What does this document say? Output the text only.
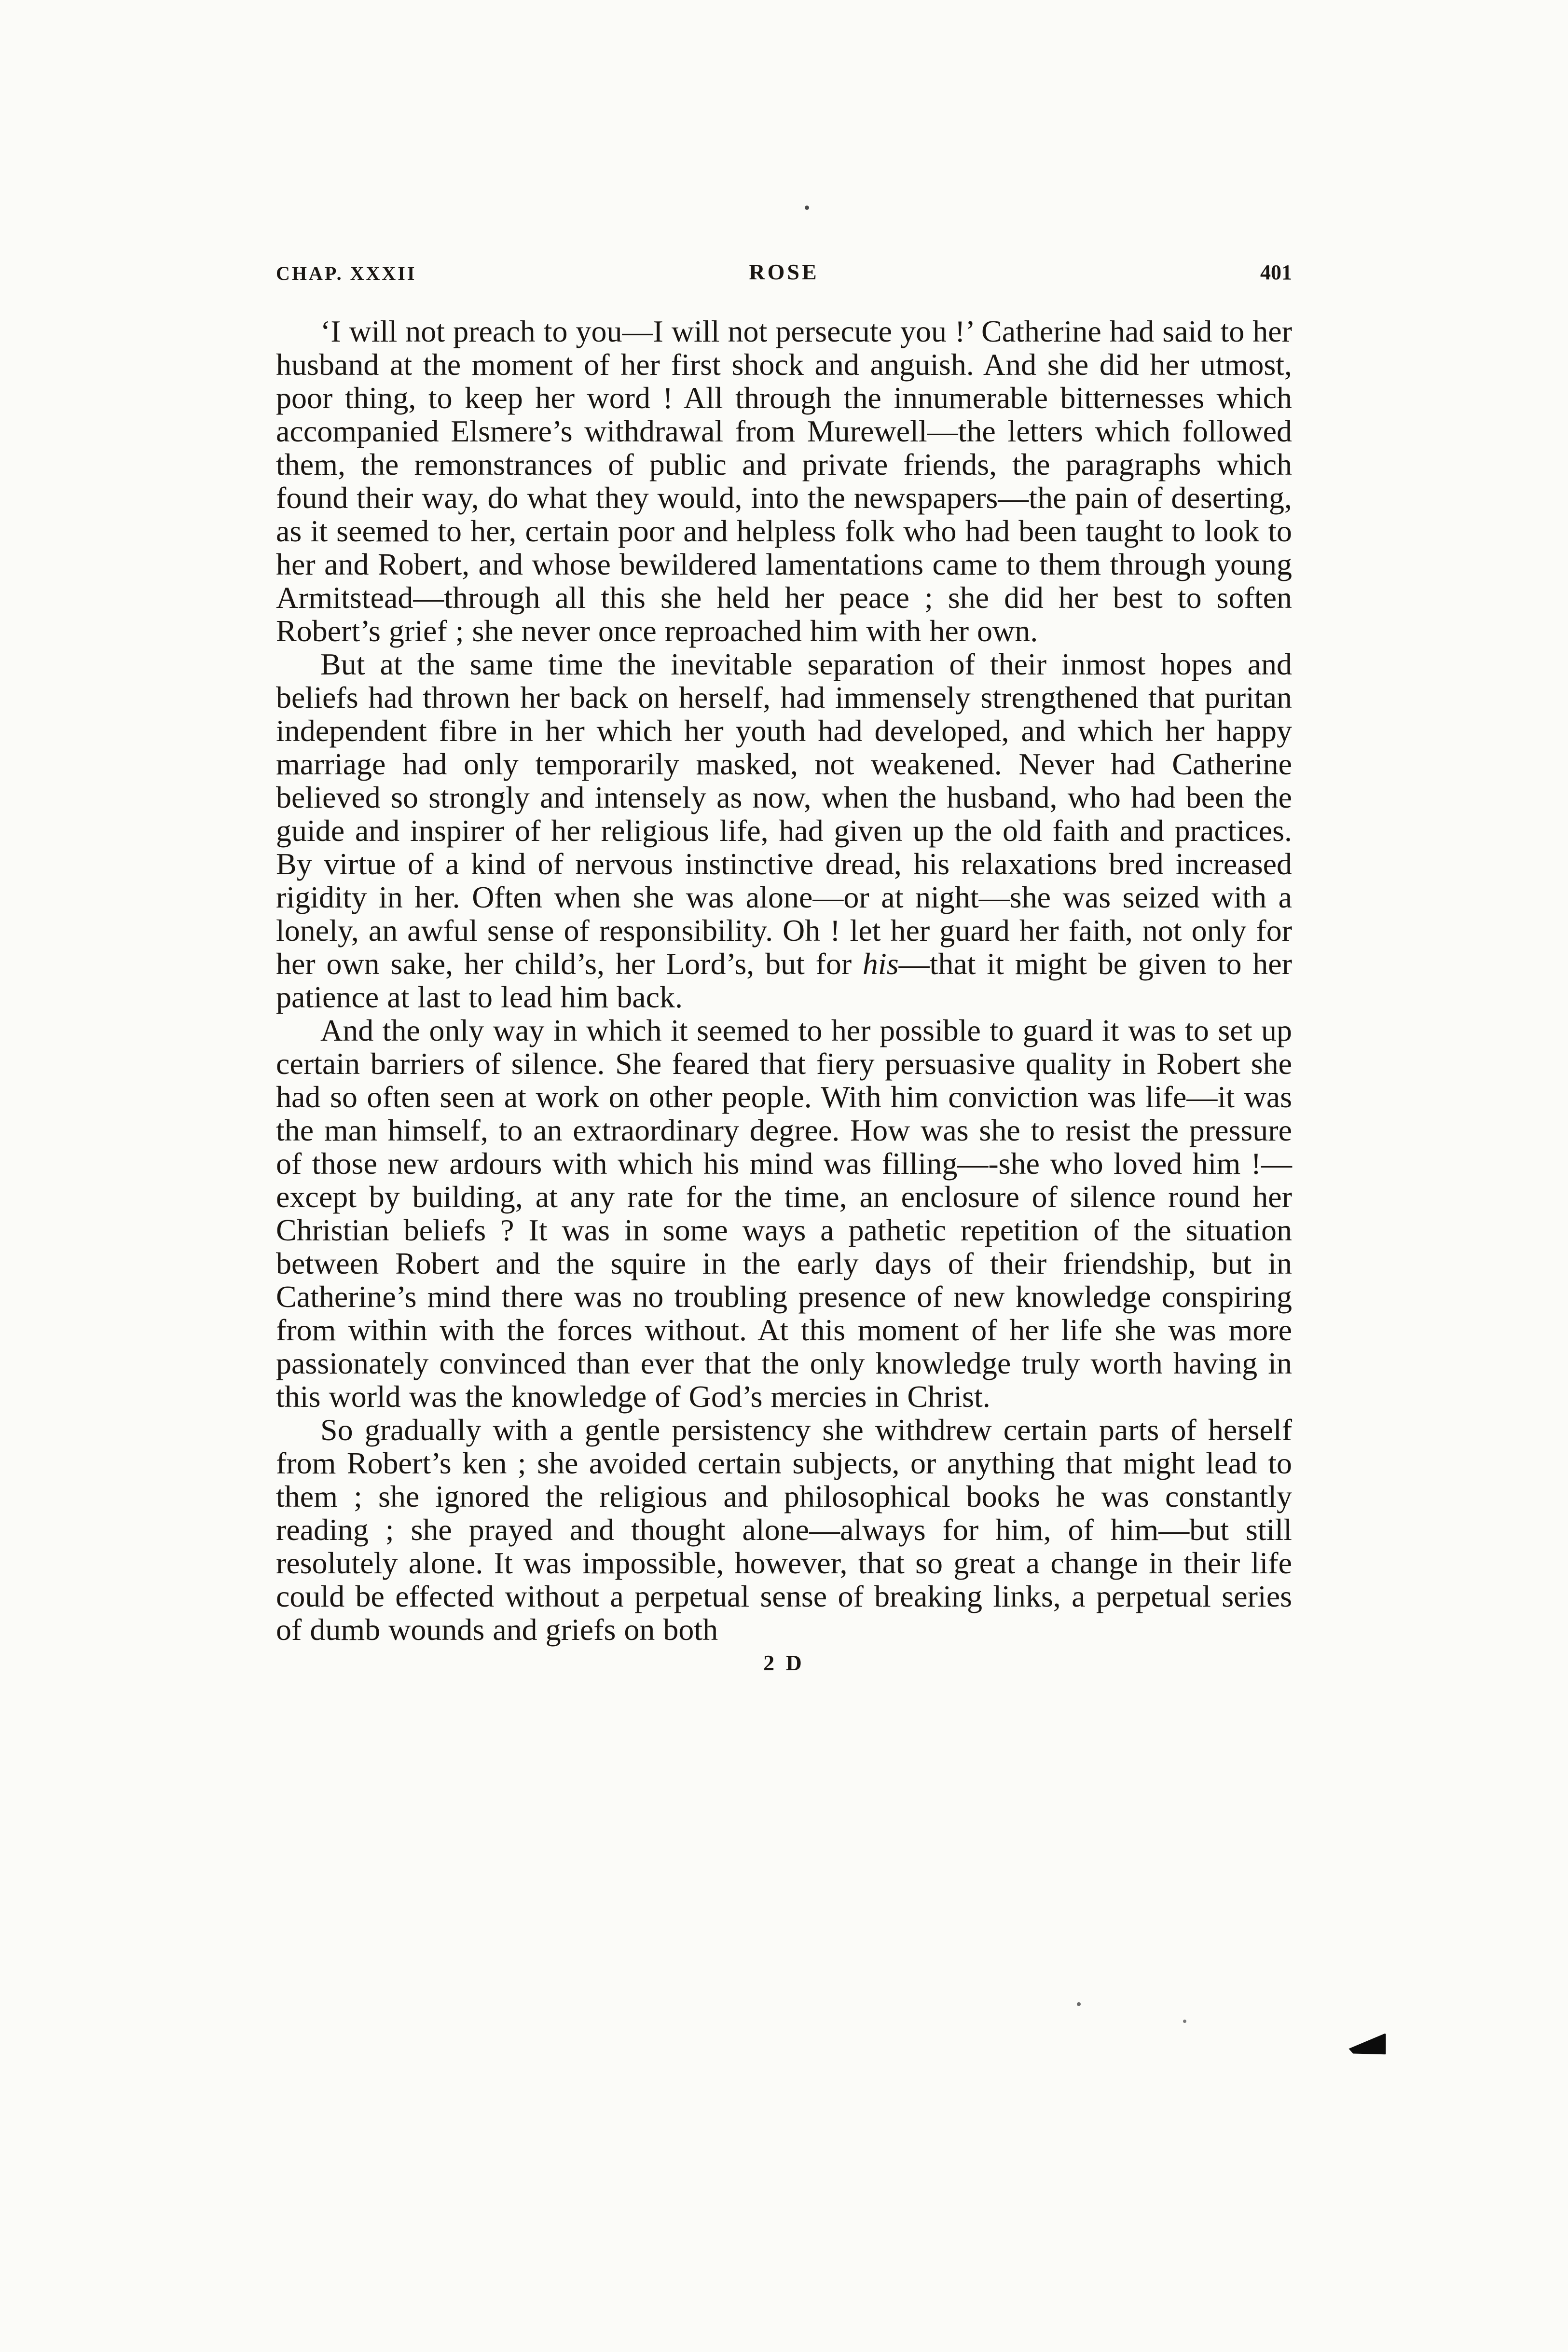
CHAP. XXXII	ROSE	401

‘I will not preach to you—I will not persecute you !’ Catherine had said to her husband at the moment of her first shock and anguish. And she did her utmost, poor thing, to keep her word ! All through the innumerable bitternesses which accompanied Elsmere’s withdrawal from Murewell—the letters which followed them, the remonstrances of public and private friends, the paragraphs which found their way, do what they would, into the newspapers—the pain of deserting, as it seemed to her, certain poor and helpless folk who had been taught to look to her and Robert, and whose bewildered lamentations came to them through young Armitstead—through all this she held her peace ; she did her best to soften Robert’s grief ; she never once reproached him with her own.

But at the same time the inevitable separation of their inmost hopes and beliefs had thrown her back on herself, had immensely strengthened that puritan independent fibre in her which her youth had developed, and which her happy marriage had only temporarily masked, not weakened. Never had Catherine believed so strongly and intensely as now, when the husband, who had been the guide and inspirer of her religious life, had given up the old faith and practices. By virtue of a kind of nervous instinctive dread, his relaxations bred increased rigidity in her. Often when she was alone—or at night—she was seized with a lonely, an awful sense of responsibility. Oh ! let her guard her faith, not only for her own sake, her child’s, her Lord’s, but for his—that it might be given to her patience at last to lead him back.

And the only way in which it seemed to her possible to guard it was to set up certain barriers of silence. She feared that fiery persuasive quality in Robert she had so often seen at work on other people. With him conviction was life—it was the man himself, to an extraordinary degree. How was she to resist the pressure of those new ardours with which his mind was filling—-she who loved him !—except by building, at any rate for the time, an enclosure of silence round her Christian beliefs ? It was in some ways a pathetic repetition of the situation between Robert and the squire in the early days of their friendship, but in Catherine’s mind there was no troubling presence of new knowledge conspiring from within with the forces without. At this moment of her life she was more passionately convinced than ever that the only knowledge truly worth having in this world was the knowledge of God’s mercies in Christ.

So gradually with a gentle persistency she withdrew certain parts of herself from Robert’s ken ; she avoided certain subjects, or anything that might lead to them ; she ignored the religious and philosophical books he was constantly reading ; she prayed and thought alone—always for him, of him—but still resolutely alone. It was impossible, however, that so great a change in their life could be effected without a perpetual sense of breaking links, a perpetual series of dumb wounds and griefs on both

2 D
